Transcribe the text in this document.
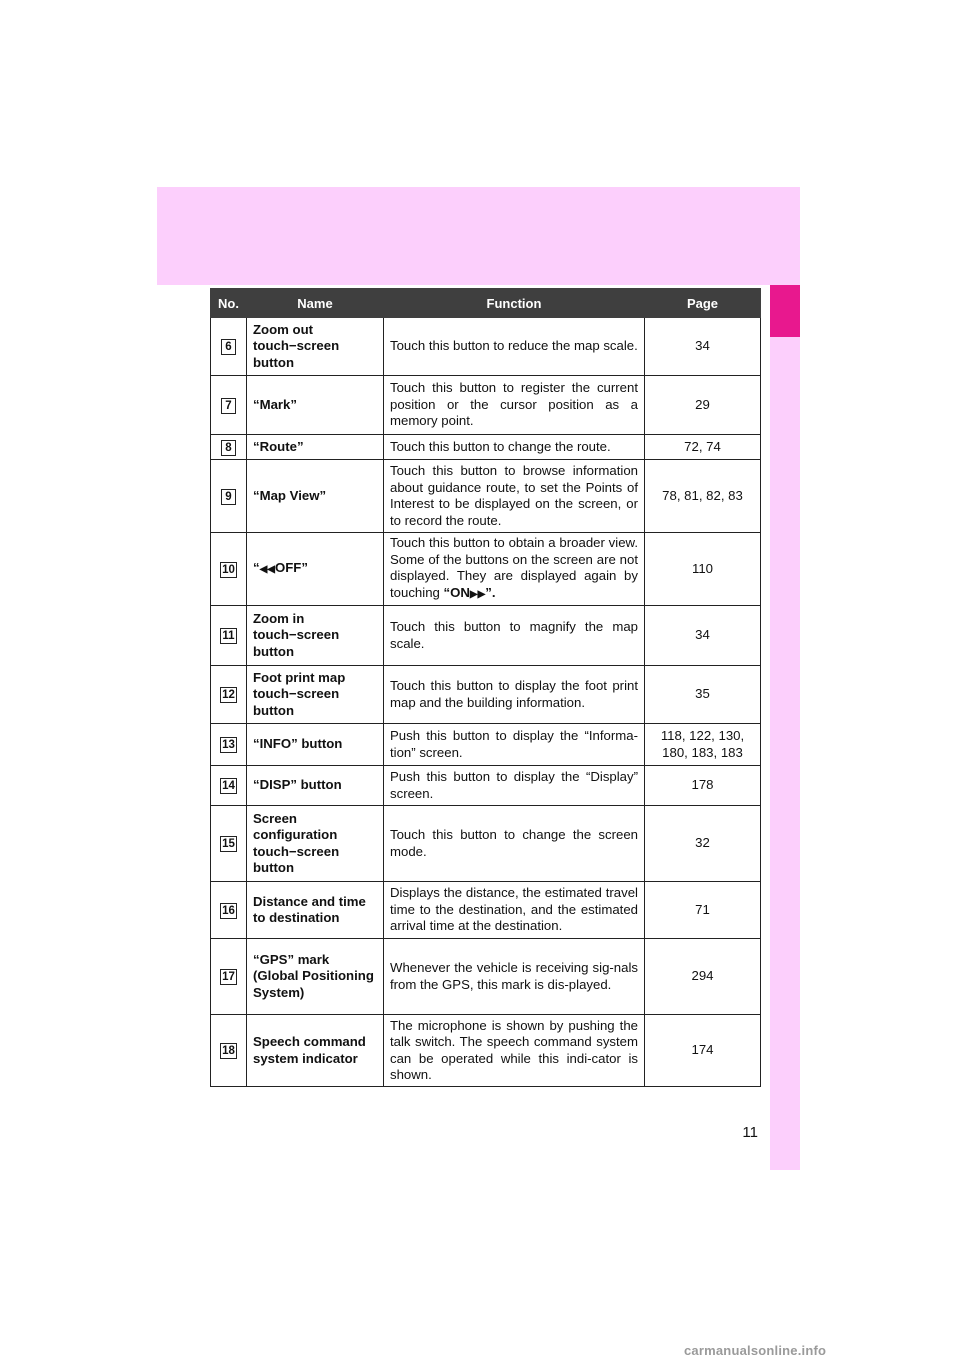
No.	Name	Function	Page
6	Zoom out touch−screen button	Touch this button to reduce the map scale.	34
7	“Mark”	Touch this button to register the current position or the cursor position as a memory point.	29
8	“Route”	Touch this button to change the route.	72, 74
9	“Map View”	Touch this button to browse information about guidance route, to set the Points of Interest to be displayed on the screen, or to record the route.	78, 81, 82, 83
10	“◀◀OFF”	Touch this button to obtain a broader view. Some of the buttons on the screen are not displayed. They are displayed again by touching “ON▶▶”.	110
11	Zoom in touch−screen button	Touch this button to magnify the map scale.	34
12	Foot print map touch−screen button	Touch this button to display the foot print map and the building information.	35
13	“INFO” button	Push this button to display the “Informa-tion” screen.	118, 122, 130, 180, 183, 183
14	“DISP” button	Push this button to display the “Display” screen.	178
15	Screen configuration touch−screen button	Touch this button to change the screen mode.	32
16	Distance and time to destination	Displays the distance, the estimated travel time to the destination, and the estimated arrival time at the destination.	71
17	“GPS” mark (Global Positioning System)	Whenever the vehicle is receiving sig-nals from the GPS, this mark is dis-played.	294
18	Speech command system indicator	The microphone is shown by pushing the talk switch. The speech command system can be operated while this indi-cator is shown.	174
11
carmanualsonline.info
